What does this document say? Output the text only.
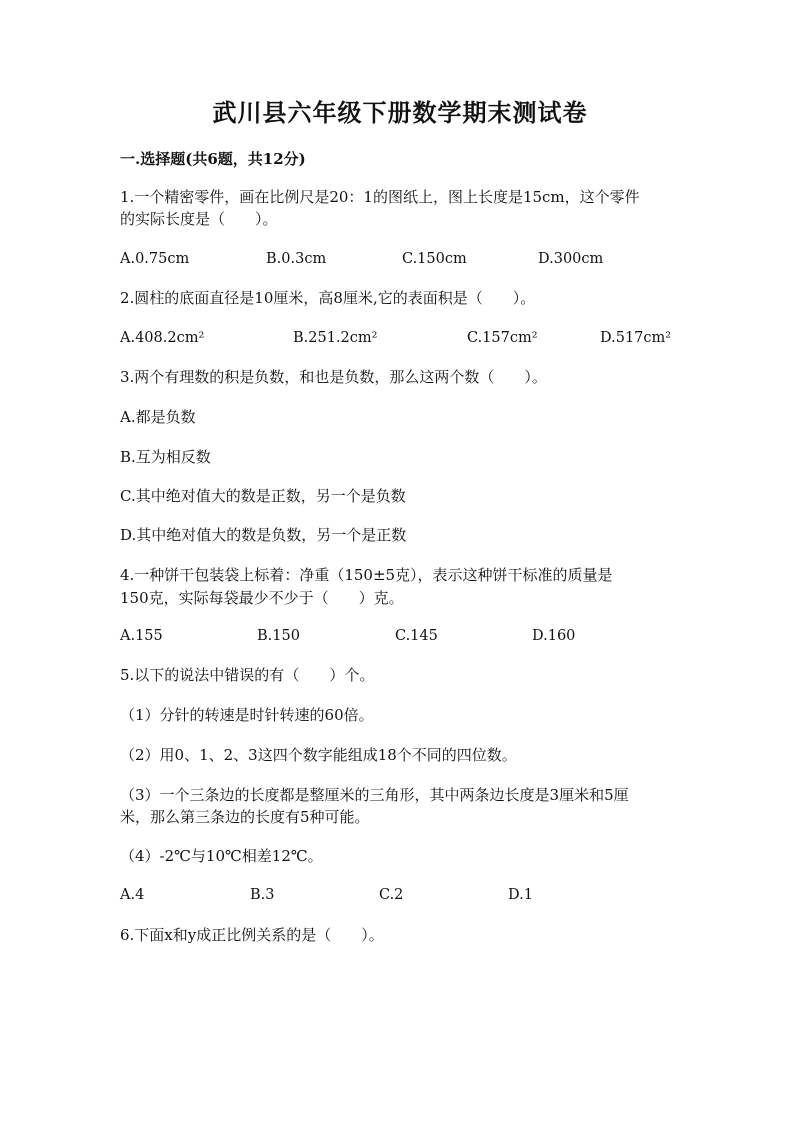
武川县六年级下册数学期末测试卷
一.选择题(共6题，共12分)
1.一个精密零件，画在比例尺是20：1的图纸上，图上长度是15cm，这个零件
的实际长度是（　　）。
A.0.75cm	B.0.3cm	C.150cm	D.300cm
2.圆柱的底面直径是10厘米，高8厘米,它的表面积是（　　）。
A.408.2cm²	B.251.2cm²	C.157cm²	D.517cm²
3.两个有理数的积是负数，和也是负数，那么这两个数（　　）。
A.都是负数
B.互为相反数
C.其中绝对值大的数是正数，另一个是负数
D.其中绝对值大的数是负数，另一个是正数
4.一种饼干包装袋上标着：净重（150±5克），表示这种饼干标准的质量是
150克，实际每袋最少不少于（　　）克。
A.155	B.150	C.145	D.160
5.以下的说法中错误的有（　　）个。
（1）分针的转速是时针转速的60倍。
（2）用0、1、2、3这四个数字能组成18个不同的四位数。
（3）一个三条边的长度都是整厘米的三角形，其中两条边长度是3厘米和5厘
米，那么第三条边的长度有5种可能。
（4）-2℃与10℃相差12℃。
A.4	B.3	C.2	D.1
6.下面x和y成正比例关系的是（　　）。
